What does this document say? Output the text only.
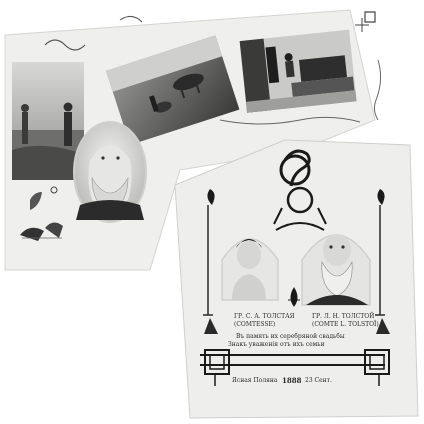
ГР. С. А. ТОЛСТАЯ
(COMTESSE)
ГР. Л. Н. ТОЛСТОЙ
(COMTE L. TOLSTOÏ)
Въ память их серебряной свадьбы
Знакъ уваженія отъ ихъ семьи
Ясная Поляна 1888 23 Сент.
